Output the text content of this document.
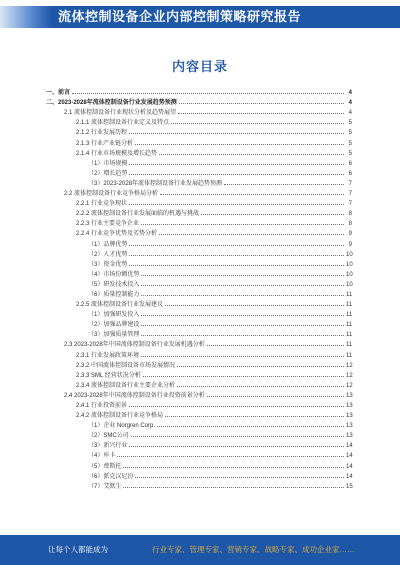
流体控制设备企业内部控制策略研究报告
内容目录
一、前言	4
二、2023-2028年流体控制设备行业发展趋势预测	4
2.1 流体控制设备行业现状分析及趋势展望	4
2.1.1 流体控制设备行业定义及特点	5
2.1.2 行业发展历程	5
2.1.3 行业产业链分析	5
2.1.4 行业市场规模及增长趋势	5
（1）市场规模	6
（2）增长趋势	6
（3）2023-2028年流体控制设备行业发展趋势预测	7
2.2 流体控制设备行业竞争格局分析	7
2.2.1 行业竞争现状	7
2.2.2 流体控制设备行业发展面临的机遇与挑战	8
2.2.3 行业主要竞争企业	8
2.2.4 行业竞争优势及劣势分析	9
（1）品牌优势	9
（2）人才优势	10
（3）资金优势	10
（4）市场份额优势	10
（5）研发技术投入	10
（6）质量控制能力	11
2.2.5 流体控制设备行业发展建议	11
（1）加强研发投入	11
（2）加强品牌建设	11
（3）加强质量管理	11
2.3 2023-2028年中国流体控制设备行业发展机遇分析	11
2.3.1 行业发展政策环境	11
2.3.2 中国流体控制设备市场发展情况	12
2.3.3 SML 经营状况分析	12
2.3.4 流体控制设备行业主要企业分析	12
2.4 2023-2028年中国流体控制设备行业投资前景分析	13
2.4.1 行业投资前景	13
2.4.2 流体控制设备行业竞争格局	13
（1）企业 Norgren Corp.	13
（2）SMC公司	13
（3）新兴行业	14
（4）库卡	14
（5）费斯托	14
（6）派克汉尼汾	14
（7）艾默生	15
让每个人都能成为	行业专家、管理专家、营销专家、战略专家、成功企业家……
